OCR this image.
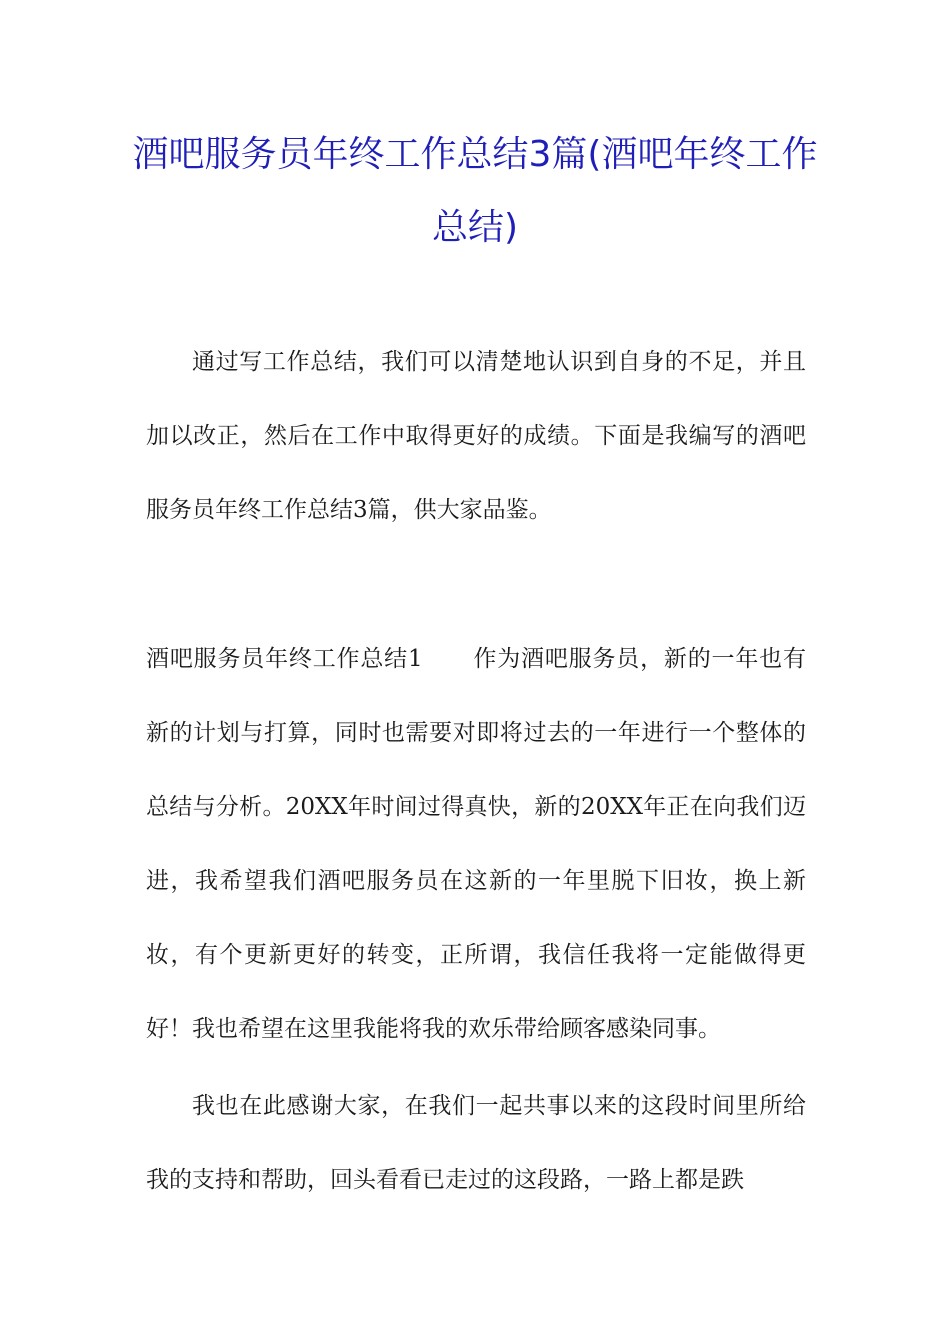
酒吧服务员年终工作总结3篇(酒吧年终工作总结)

通过写工作总结，我们可以清楚地认识到自身的不足，并且加以改正，然后在工作中取得更好的成绩。下面是我编写的酒吧服务员年终工作总结3篇，供大家品鉴。

酒吧服务员年终工作总结1 作为酒吧服务员，新的一年也有新的计划与打算，同时也需要对即将过去的一年进行一个整体的总结与分析。20XX年时间过得真快，新的20XX年正在向我们迈进，我希望我们酒吧服务员在这新的一年里脱下旧妆，换上新妆，有个更新更好的转变，正所谓，我信任我将一定能做得更好！我也希望在这里我能将我的欢乐带给顾客感染同事。

我也在此感谢大家，在我们一起共事以来的这段时间里所给我的支持和帮助，回头看看已走过的这段路，一路上都是跌
